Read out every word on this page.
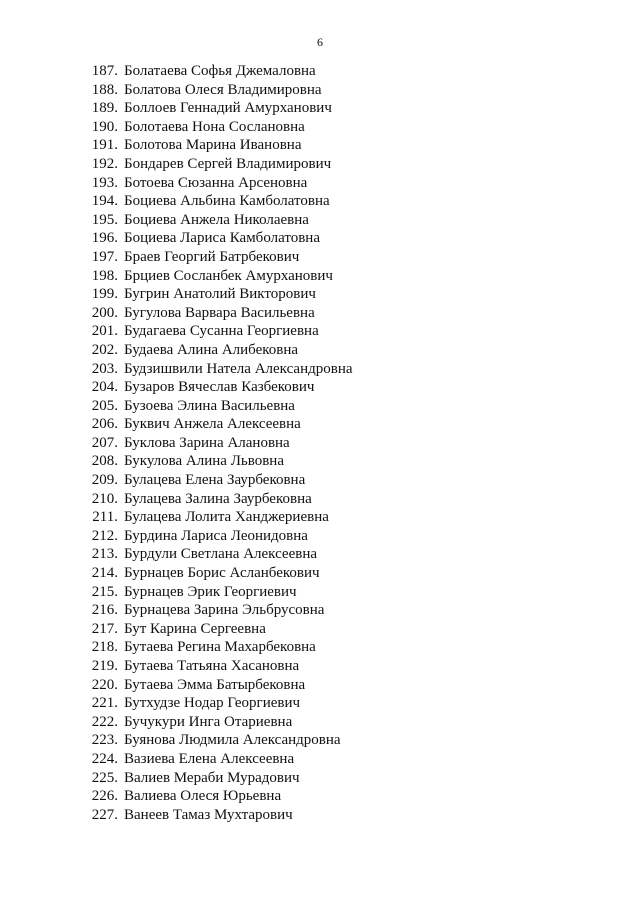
6
187. Болатаева Софья Джемаловна
188. Болатова Олеся Владимировна
189. Боллоев Геннадий Амурханович
190. Болотаева Нона Сослановна
191. Болотова Марина Ивановна
192. Бондарев Сергей Владимирович
193. Ботоева Сюзанна Арсеновна
194. Боциева Альбина Камболатовна
195. Боциева Анжела Николаевна
196. Боциева Лариса Камболатовна
197. Браев Георгий Батрбекович
198. Брциев Сосланбек Амурханович
199. Бугрин Анатолий Викторович
200. Бугулова Варвара Васильевна
201. Будагаева Сусанна Георгиевна
202. Будаева Алина Алибековна
203. Будзишвили Натела Александровна
204. Бузаров Вячеслав Казбекович
205. Бузоева Элина Васильевна
206. Буквич Анжела Алексеевна
207. Буклова Зарина Алановна
208. Букулова Алина Львовна
209. Булацева Елена Заурбековна
210. Булацева Залина Заурбековна
211. Булацева Лолита Ханджериевна
212. Бурдина Лариса Леонидовна
213. Бурдули Светлана Алексеевна
214. Бурнацев Борис Асланбекович
215. Бурнацев Эрик Георгиевич
216. Бурнацева Зарина Эльбрусовна
217. Бут Карина Сергеевна
218. Бутаева Регина Махарбековна
219. Бутаева Татьяна Хасановна
220. Бутаева Эмма Батырбековна
221. Бутхудзе Нодар Георгиевич
222. Бучукури Инга Отариевна
223. Буянова Людмила Александровна
224. Вазиева Елена Алексеевна
225. Валиев Мераби Мурадович
226. Валиева Олеся Юрьевна
227. Ванеев Тамаз Мухтарович
